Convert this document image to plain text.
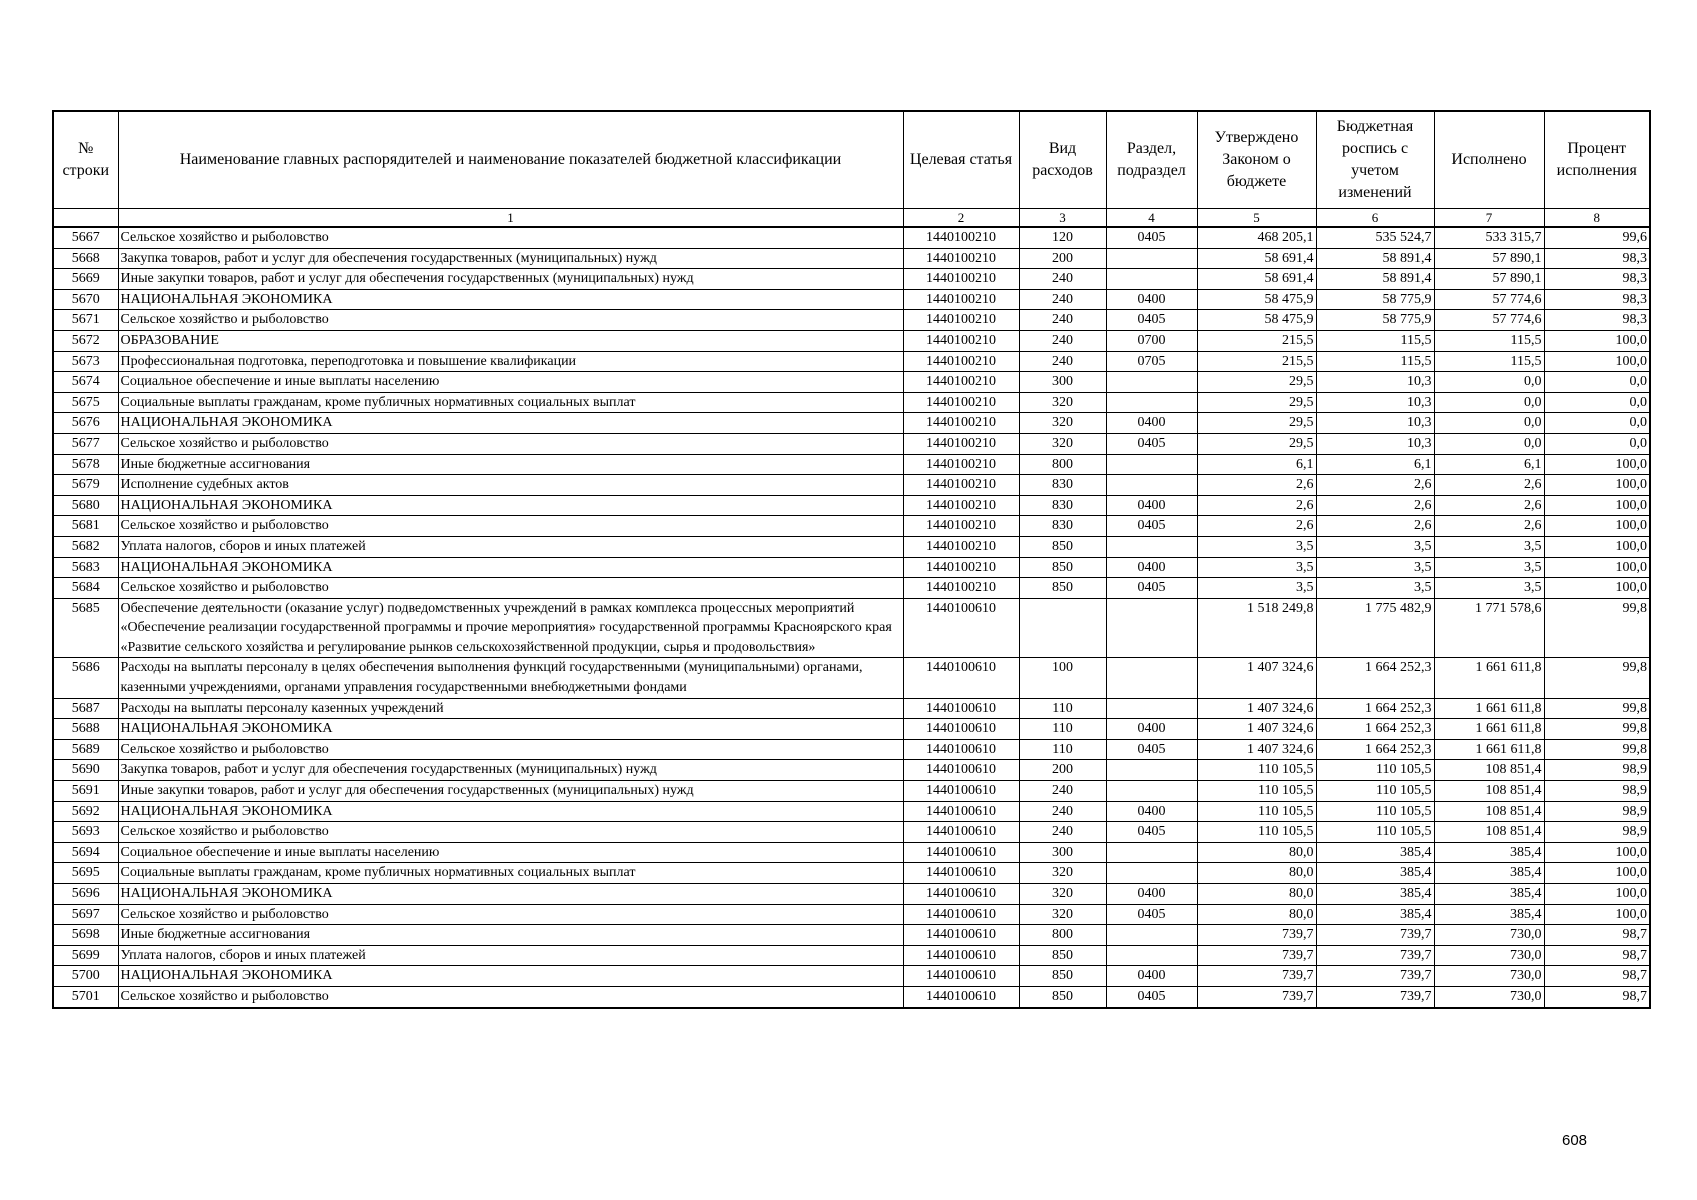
№ строки	Наименование главных распорядителей и наименование показателей бюджетной классификации	Целевая статья	Вид расходов	Раздел, подраздел	Утверждено Законом о бюджете	Бюджетная роспись с учетом изменений	Исполнено	Процент исполнения
	1	2	3	4	5	6	7	8
5667	Сельское хозяйство и рыболовство	1440100210	120	0405	468 205,1	535 524,7	533 315,7	99,6
5668	Закупка товаров, работ и услуг для обеспечения государственных (муниципальных) нужд	1440100210	200		58 691,4	58 891,4	57 890,1	98,3
5669	Иные закупки товаров, работ и услуг для обеспечения государственных (муниципальных) нужд	1440100210	240		58 691,4	58 891,4	57 890,1	98,3
5670	НАЦИОНАЛЬНАЯ ЭКОНОМИКА	1440100210	240	0400	58 475,9	58 775,9	57 774,6	98,3
5671	Сельское хозяйство и рыболовство	1440100210	240	0405	58 475,9	58 775,9	57 774,6	98,3
5672	ОБРАЗОВАНИЕ	1440100210	240	0700	215,5	115,5	115,5	100,0
5673	Профессиональная подготовка, переподготовка и повышение квалификации	1440100210	240	0705	215,5	115,5	115,5	100,0
5674	Социальное обеспечение и иные выплаты населению	1440100210	300		29,5	10,3	0,0	0,0
5675	Социальные выплаты гражданам, кроме публичных нормативных социальных выплат	1440100210	320		29,5	10,3	0,0	0,0
5676	НАЦИОНАЛЬНАЯ ЭКОНОМИКА	1440100210	320	0400	29,5	10,3	0,0	0,0
5677	Сельское хозяйство и рыболовство	1440100210	320	0405	29,5	10,3	0,0	0,0
5678	Иные бюджетные ассигнования	1440100210	800		6,1	6,1	6,1	100,0
5679	Исполнение судебных актов	1440100210	830		2,6	2,6	2,6	100,0
5680	НАЦИОНАЛЬНАЯ ЭКОНОМИКА	1440100210	830	0400	2,6	2,6	2,6	100,0
5681	Сельское хозяйство и рыболовство	1440100210	830	0405	2,6	2,6	2,6	100,0
5682	Уплата налогов, сборов и иных платежей	1440100210	850		3,5	3,5	3,5	100,0
5683	НАЦИОНАЛЬНАЯ ЭКОНОМИКА	1440100210	850	0400	3,5	3,5	3,5	100,0
5684	Сельское хозяйство и рыболовство	1440100210	850	0405	3,5	3,5	3,5	100,0
5685	Обеспечение деятельности (оказание услуг) подведомственных учреждений в рамках комплекса процессных мероприятий «Обеспечение реализации государственной программы и прочие мероприятия» государственной программы Красноярского края «Развитие сельского хозяйства и регулирование рынков сельскохозяйственной продукции, сырья и продовольствия»	1440100610			1 518 249,8	1 775 482,9	1 771 578,6	99,8
5686	Расходы на выплаты персоналу в целях обеспечения выполнения функций государственными (муниципальными) органами, казенными учреждениями, органами управления государственными внебюджетными фондами	1440100610	100		1 407 324,6	1 664 252,3	1 661 611,8	99,8
5687	Расходы на выплаты персоналу казенных учреждений	1440100610	110		1 407 324,6	1 664 252,3	1 661 611,8	99,8
5688	НАЦИОНАЛЬНАЯ ЭКОНОМИКА	1440100610	110	0400	1 407 324,6	1 664 252,3	1 661 611,8	99,8
5689	Сельское хозяйство и рыболовство	1440100610	110	0405	1 407 324,6	1 664 252,3	1 661 611,8	99,8
5690	Закупка товаров, работ и услуг для обеспечения государственных (муниципальных) нужд	1440100610	200		110 105,5	110 105,5	108 851,4	98,9
5691	Иные закупки товаров, работ и услуг для обеспечения государственных (муниципальных) нужд	1440100610	240		110 105,5	110 105,5	108 851,4	98,9
5692	НАЦИОНАЛЬНАЯ ЭКОНОМИКА	1440100610	240	0400	110 105,5	110 105,5	108 851,4	98,9
5693	Сельское хозяйство и рыболовство	1440100610	240	0405	110 105,5	110 105,5	108 851,4	98,9
5694	Социальное обеспечение и иные выплаты населению	1440100610	300		80,0	385,4	385,4	100,0
5695	Социальные выплаты гражданам, кроме публичных нормативных социальных выплат	1440100610	320		80,0	385,4	385,4	100,0
5696	НАЦИОНАЛЬНАЯ ЭКОНОМИКА	1440100610	320	0400	80,0	385,4	385,4	100,0
5697	Сельское хозяйство и рыболовство	1440100610	320	0405	80,0	385,4	385,4	100,0
5698	Иные бюджетные ассигнования	1440100610	800		739,7	739,7	730,0	98,7
5699	Уплата налогов, сборов и иных платежей	1440100610	850		739,7	739,7	730,0	98,7
5700	НАЦИОНАЛЬНАЯ ЭКОНОМИКА	1440100610	850	0400	739,7	739,7	730,0	98,7
5701	Сельское хозяйство и рыболовство	1440100610	850	0405	739,7	739,7	730,0	98,7
608
